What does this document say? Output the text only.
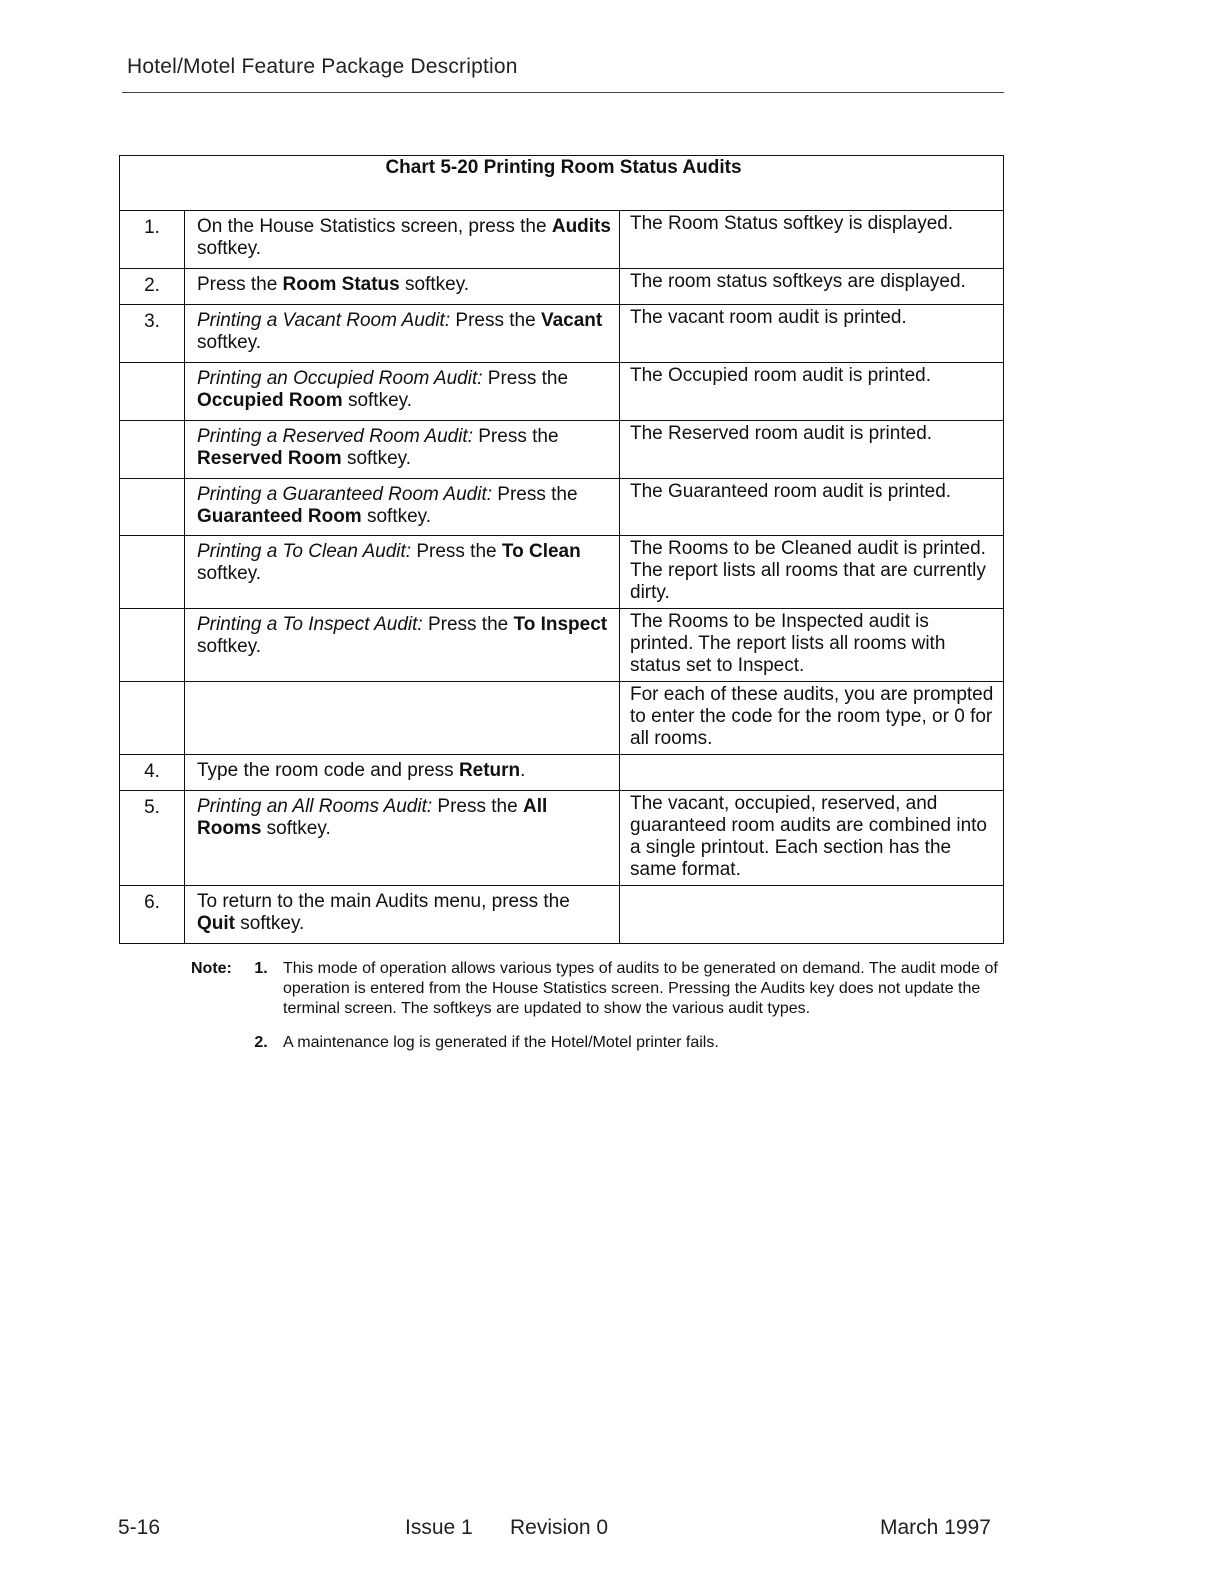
Hotel/Motel Feature Package Description
Chart 5-20 Printing Room Status Audits		
1.	On the House Statistics screen, press the Audits softkey.	The Room Status softkey is displayed.
2.	Press the Room Status softkey.	The room status softkeys are displayed.
3.	Printing a Vacant Room Audit: Press the Vacant softkey.	The vacant room audit is printed.
	Printing an Occupied Room Audit: Press the Occupied Room softkey.	The Occupied room audit is printed.
	Printing a Reserved Room Audit: Press the Reserved Room softkey.	The Reserved room audit is printed.
	Printing a Guaranteed Room Audit: Press the Guaranteed Room softkey.	The Guaranteed room audit is printed.
	Printing a To Clean Audit: Press the To Clean softkey.	The Rooms to be Cleaned audit is printed. The report lists all rooms that are currently dirty.
	Printing a To Inspect Audit: Press the To Inspect softkey.	The Rooms to be Inspected audit is printed. The report lists all rooms with status set to Inspect.
		For each of these audits, you are prompted to enter the code for the room type, or 0 for all rooms.
4.	Type the room code and press Return.	
5.	Printing an All Rooms Audit: Press the All Rooms softkey.	The vacant, occupied, reserved, and guaranteed room audits are combined into a single printout. Each section has the same format.
6.	To return to the main Audits menu, press the Quit softkey.	
Note:	1. This mode of operation allows various types of audits to be generated on demand. The audit mode of operation is entered from the House Statistics screen. Pressing the Audits key does not update the terminal screen. The softkeys are updated to show the various audit types.
2. A maintenance log is generated if the Hotel/Motel printer fails.
5-16	Issue 1 Revision 0	March 1997
